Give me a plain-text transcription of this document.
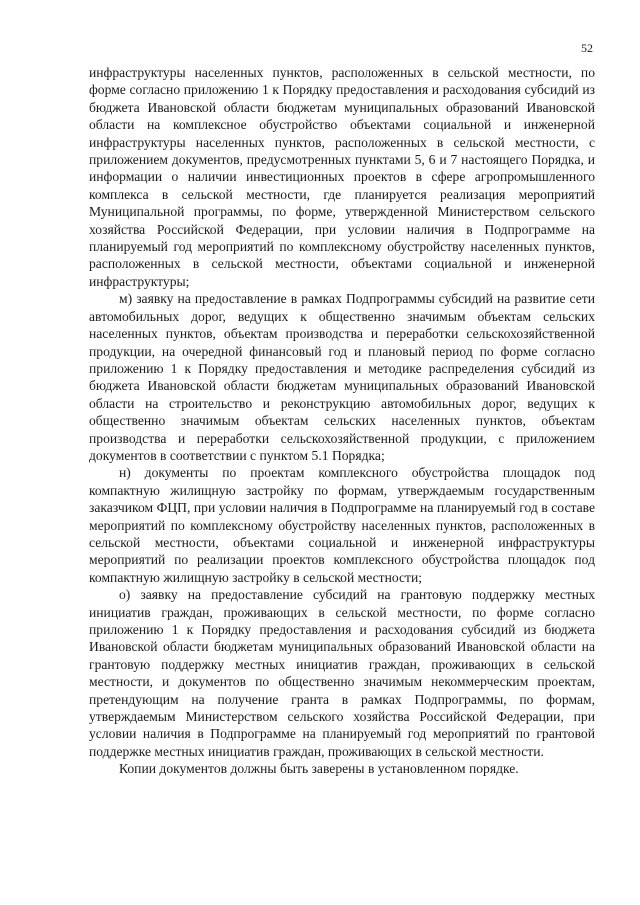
52

инфраструктуры населенных пунктов, расположенных в сельской местности, по форме согласно приложению 1 к Порядку предоставления и расходования субсидий из бюджета Ивановской области бюджетам муниципальных образований Ивановской области на комплексное обустройство объектами социальной и инженерной инфраструктуры населенных пунктов, расположенных в сельской местности, с приложением документов, предусмотренных пунктами 5, 6 и 7 настоящего Порядка, и информации о наличии инвестиционных проектов в сфере агропромышленного комплекса в сельской местности, где планируется реализация мероприятий Муниципальной программы, по форме, утвержденной Министерством сельского хозяйства Российской Федерации, при условии наличия в Подпрограмме на планируемый год мероприятий по комплексному обустройству населенных пунктов, расположенных в сельской местности, объектами социальной и инженерной инфраструктуры;

м) заявку на предоставление в рамках Подпрограммы субсидий на развитие сети автомобильных дорог, ведущих к общественно значимым объектам сельских населенных пунктов, объектам производства и переработки сельскохозяйственной продукции, на очередной финансовый год и плановый период по форме согласно приложению 1 к Порядку предоставления и методике распределения субсидий из бюджета Ивановской области бюджетам муниципальных образований Ивановской области на строительство и реконструкцию автомобильных дорог, ведущих к общественно значимым объектам сельских населенных пунктов, объектам производства и переработки сельскохозяйственной продукции, с приложением документов в соответствии с пунктом 5.1 Порядка;

н) документы по проектам комплексного обустройства площадок под компактную жилищную застройку по формам, утверждаемым государственным заказчиком ФЦП, при условии наличия в Подпрограмме на планируемый год в составе мероприятий по комплексному обустройству населенных пунктов, расположенных в сельской местности, объектами социальной и инженерной инфраструктуры мероприятий по реализации проектов комплексного обустройства площадок под компактную жилищную застройку в сельской местности;

о) заявку на предоставление субсидий на грантовую поддержку местных инициатив граждан, проживающих в сельской местности, по форме согласно приложению 1 к Порядку предоставления и расходования субсидий из бюджета Ивановской области бюджетам муниципальных образований Ивановской области на грантовую поддержку местных инициатив граждан, проживающих в сельской местности, и документов по общественно значимым некоммерческим проектам, претендующим на получение гранта в рамках Подпрограммы, по формам, утверждаемым Министерством сельского хозяйства Российской Федерации, при условии наличия в Подпрограмме на планируемый год мероприятий по грантовой поддержке местных инициатив граждан, проживающих в сельской местности.

Копии документов должны быть заверены в установленном порядке.
